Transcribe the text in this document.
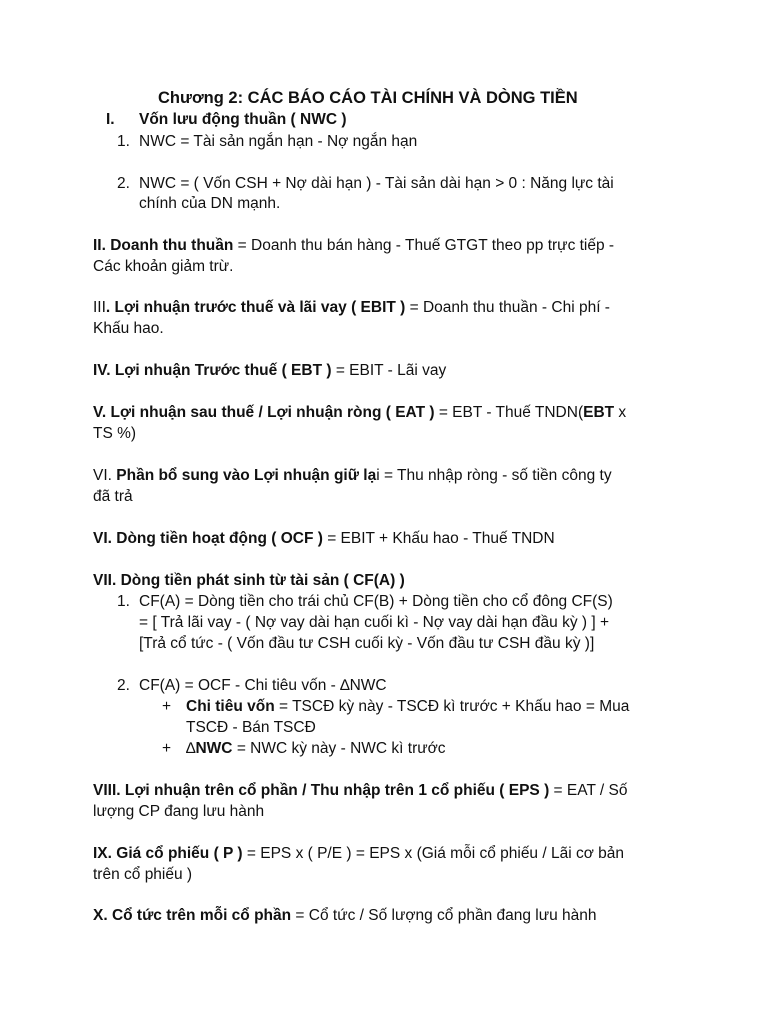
Chương 2: CÁC BÁO CÁO TÀI CHÍNH VÀ DÒNG TIỀN
I. Vốn lưu động thuần ( NWC )
1. NWC = Tài sản ngắn hạn - Nợ ngắn hạn
2. NWC = ( Vốn CSH + Nợ dài hạn ) - Tài sản dài hạn > 0 : Năng lực tài
chính của DN mạnh.
II. Doanh thu thuần = Doanh thu bán hàng - Thuế GTGT theo pp trực tiếp -
Các khoản giảm trừ.
III. Lợi nhuận trước thuế và lãi vay ( EBIT ) = Doanh thu thuần - Chi phí -
Khấu hao.
IV. Lợi nhuận Trước thuế ( EBT ) = EBIT - Lãi vay
V. Lợi nhuận sau thuế / Lợi nhuận ròng ( EAT ) = EBT - Thuế TNDN(EBT x
TS %)
VI. Phần bổ sung vào Lợi nhuận giữ lại = Thu nhập ròng - số tiền công ty
đã trả
VI. Dòng tiền hoạt động ( OCF ) = EBIT + Khấu hao - Thuế TNDN
VII. Dòng tiền phát sinh từ tài sản ( CF(A) )
1. CF(A) = Dòng tiền cho trái chủ CF(B) + Dòng tiền cho cổ đông CF(S)
= [ Trả lãi vay - ( Nợ vay dài hạn cuối kì - Nợ vay dài hạn đầu kỳ ) ] +
[Trả cổ tức - ( Vốn đầu tư CSH cuối kỳ - Vốn đầu tư CSH đầu kỳ )]
2. CF(A) = OCF - Chi tiêu vốn - ∆NWC
+ Chi tiêu vốn = TSCĐ kỳ này - TSCĐ kì trước + Khấu hao = Mua
TSCĐ - Bán TSCĐ
+ ∆NWC = NWC kỳ này - NWC kì trước
VIII. Lợi nhuận trên cổ phần / Thu nhập trên 1 cổ phiếu ( EPS ) = EAT / Số
lượng CP đang lưu hành
IX. Giá cổ phiếu ( P ) = EPS x ( P/E ) = EPS x (Giá mỗi cổ phiếu / Lãi cơ bản
trên cổ phiếu )
X. Cổ tức trên mỗi cổ phần = Cổ tức / Số lượng cổ phần đang lưu hành
